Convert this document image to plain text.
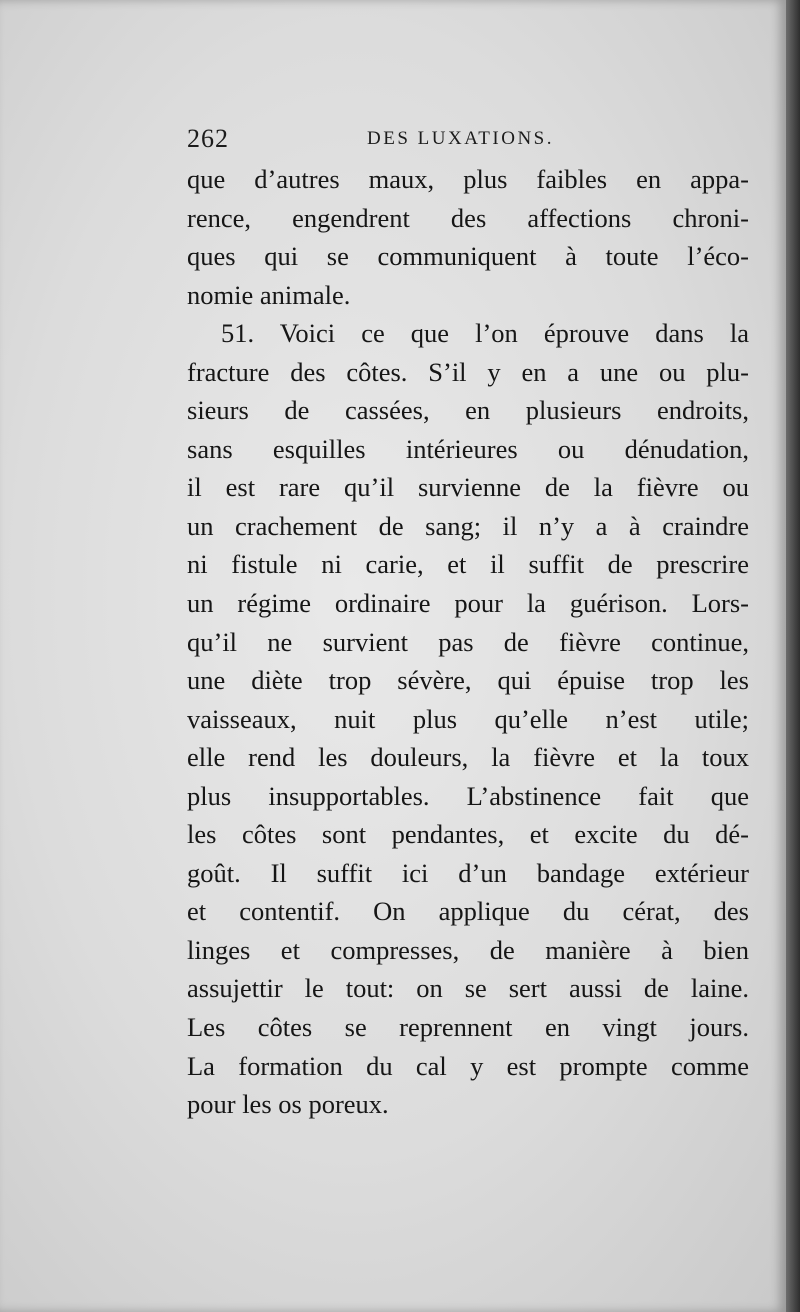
262	DES LUXATIONS.
que d’autres maux, plus faibles en appa-
rence, engendrent des affections chroni-
ques qui se communiquent à toute l’éco-
nomie animale.
51. Voici ce que l’on éprouve dans la
fracture des côtes. S’il y en a une ou plu-
sieurs de cassées, en plusieurs endroits,
sans esquilles intérieures ou dénudation,
il est rare qu’il survienne de la fièvre ou
un crachement de sang; il n’y a à craindre
ni fistule ni carie, et il suffit de prescrire
un régime ordinaire pour la guérison. Lors-
qu’il ne survient pas de fièvre continue,
une diète trop sévère, qui épuise trop les
vaisseaux, nuit plus qu’elle n’est utile;
elle rend les douleurs, la fièvre et la toux
plus insupportables. L’abstinence fait que
les côtes sont pendantes, et excite du dé-
goût. Il suffit ici d’un bandage extérieur
et contentif. On applique du cérat, des
linges et compresses, de manière à bien
assujettir le tout: on se sert aussi de laine.
Les côtes se reprennent en vingt jours.
La formation du cal y est prompte comme
pour les os poreux.
